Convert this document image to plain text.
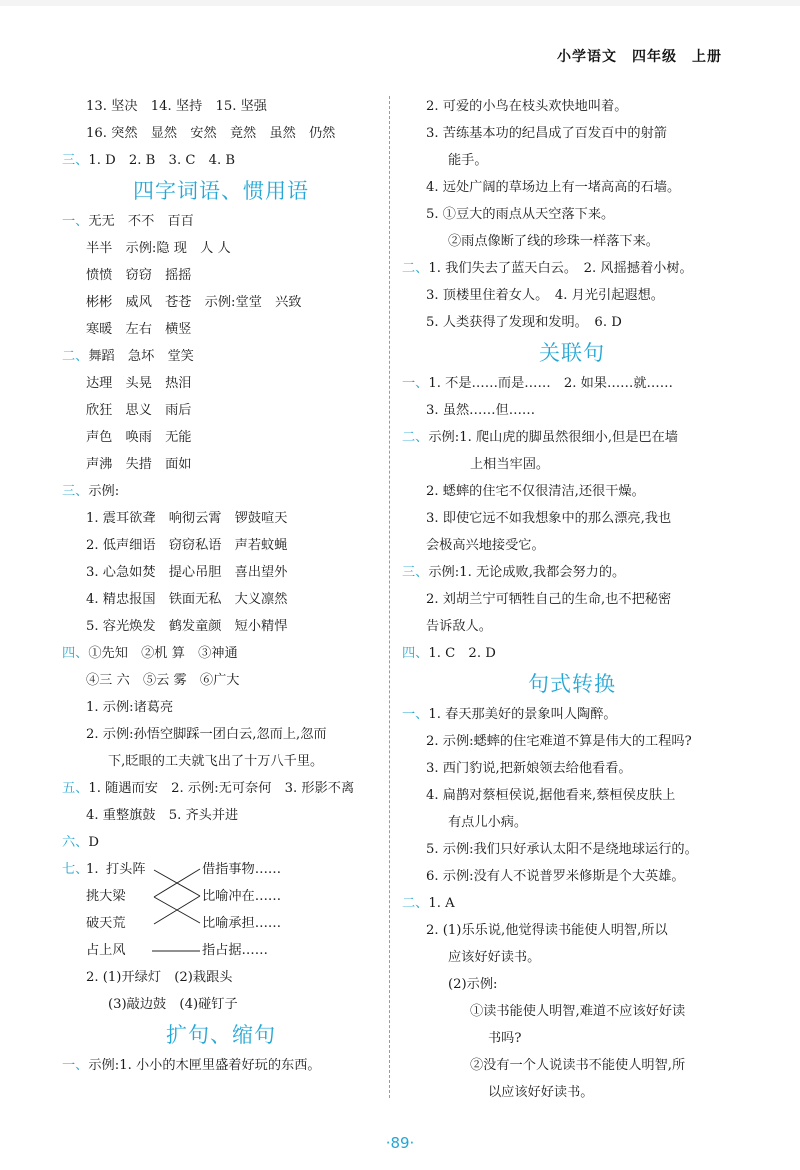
小学语文　 四年级　 上册
13. 坚决　14. 坚持　15. 坚强
16. 突然　显然　安然　竟然　虽然　仍然
三、1. D　2. B　3. C　4. B
四字词语、惯用语
一、无无　不不　百百
半半　示例:隐 现　人 人
愤愤　窃窃　摇摇
彬彬　威风　苍苍　示例:堂堂　兴致
寒暖　左右　横竖
二、舞蹈　急坏　堂笑
达理　头晃　热泪
欣狂　思义　雨后
声色　唤雨　无能
声沸　失措　面如
三、示例:
1. 震耳欲聋　响彻云霄　锣鼓喧天
2. 低声细语　窃窃私语　声若蚊蝇
3. 心急如焚　提心吊胆　喜出望外
4. 精忠报国　铁面无私　大义凛然
5. 容光焕发　鹤发童颜　短小精悍
四、①先知　②机 算　③神通
④三 六　⑤云 雾　⑥广大
1. 示例:诸葛亮
2. 示例:孙悟空脚踩一团白云,忽而上,忽而
下,眨眼的工夫就飞出了十万八千里。
五、1. 随遇而安　2. 示例:无可奈何　3. 形影不离
4. 重整旗鼓　5. 齐头并进
六、D
七、
1. 打头阵
挑大梁
破天荒
占上风
借指事物……
比喻冲在……
比喻承担……
指占据……
2. (1)开绿灯　(2)栽跟头
(3)敲边鼓　(4)碰钉子
扩句、缩句
一、示例:1. 小小的木匣里盛着好玩的东西。
2. 可爱的小鸟在枝头欢快地叫着。
3. 苦练基本功的纪昌成了百发百中的射箭
能手。
4. 远处广阔的草场边上有一堵高高的石墙。
5. ①豆大的雨点从天空落下来。
②雨点像断了线的珍珠一样落下来。
二、1. 我们失去了蓝天白云。　2. 风摇撼着小树。
3. 顶楼里住着女人。　4. 月光引起遐想。
5. 人类获得了发现和发明。　6. D
关联句
一、1. 不是……而是……　2. 如果……就……
3. 虽然……但……
二、示例:1. 爬山虎的脚虽然很细小,但是巴在墙
上相当牢固。
2. 蟋蟀的住宅不仅很清洁,还很干燥。
3. 即使它远不如我想象中的那么漂亮,我也
会极高兴地接受它。
三、示例:1. 无论成败,我都会努力的。
2. 刘胡兰宁可牺牲自己的生命,也不把秘密
告诉敌人。
四、1. C　2. D
句式转换
一、1. 春天那美好的景象叫人陶醉。
2. 示例:蟋蟀的住宅难道不算是伟大的工程吗?
3. 西门豹说,把新娘领去给他看看。
4. 扁鹊对蔡桓侯说,据他看来,蔡桓侯皮肤上
有点儿小病。
5. 示例:我们只好承认太阳不是绕地球运行的。
6. 示例:没有人不说普罗米修斯是个大英雄。
二、1. A
2. (1)乐乐说,他觉得读书能使人明智,所以
应该好好读书。
(2)示例:
①读书能使人明智,难道不应该好好读
书吗?
②没有一个人说读书不能使人明智,所
以应该好好读书。
·89·
